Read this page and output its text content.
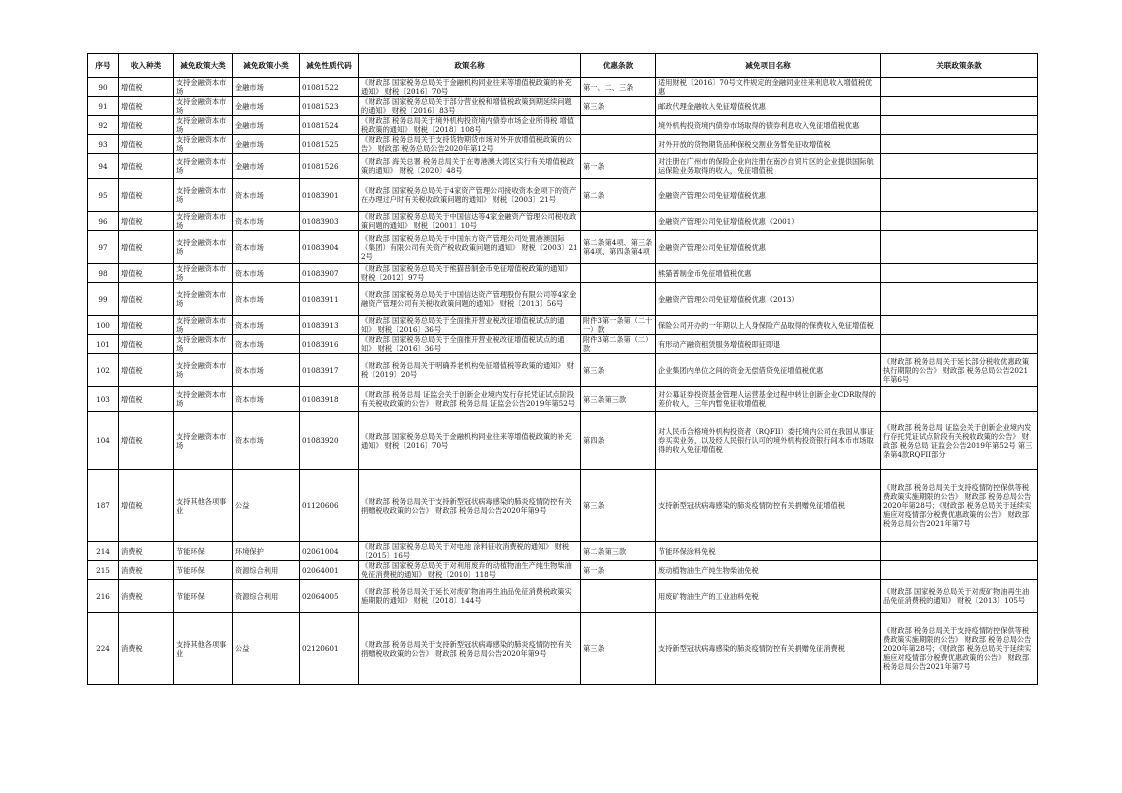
序号	收入种类	减免政策大类	减免政策小类	减免性质代码	政策名称	优惠条款	减免项目名称	关联政策条款
90	增值税	支持金融资本市场	金融市场	01081522	《财政部 国家税务总局关于金融机构同业往来等增值税政策的补充通知》 财税〔2016〕70号	第一、二、三条	适用财税〔2016〕70号文件规定的金融同业往来利息收入增值税优惠	
91	增值税	支持金融资本市场	金融市场	01081523	《财政部 国家税务总局关于部分营业税和增值税政策到期延续问题的通知》 财税〔2016〕83号	第三条	邮政代理金融收入免征增值税优惠	
92	增值税	支持金融资本市场	金融市场	01081524	《财政部 税务总局关于境外机构投资境内债券市场企业所得税 增值税政策的通知》 财税〔2018〕108号		境外机构投资境内债券市场取得的债券利息收入免征增值税优惠	
93	增值税	支持金融资本市场	金融市场	01081525	《财政部 税务总局关于支持货物期货市场对外开放增值税政策的公告》 财政部 税务总局公告2020年第12号		对外开放的货物期货品种保税交割业务暂免征收增值税	
94	增值税	支持金融资本市场	金融市场	01081526	《财政部 海关总署 税务总局关于在粤港澳大湾区实行有关增值税政策的通知》 财税〔2020〕48号	第一条	对注册在广州市的保险企业向注册在南沙自贸片区的企业提供国际航运保险业务取得的收入，免征增值税	
95	增值税	支持金融资本市场	资本市场	01083901	《财政部 国家税务总局关于4家资产管理公司接收资本金项下的资产在办理过户时有关税收政策问题的通知》 财税〔2003〕21号	第二条	金融资产管理公司免征增值税优惠	
96	增值税	支持金融资本市场	资本市场	01083903	《财政部 国家税务总局关于中国信达等4家金融资产管理公司税收政策问题的通知》 财税〔2001〕10号		金融资产管理公司免征增值税优惠（2001）	
97	增值税	支持金融资本市场	资本市场	01083904	《财政部 国家税务总局关于中国东方资产管理公司处置港澳国际（集团）有限公司有关资产税收政策问题的通知》 财税〔2003〕212号	第二条第4项、第三条第4项、第四条第4项	金融资产管理公司免征增值税优惠	
98	增值税	支持金融资本市场	资本市场	01083907	《财政部 国家税务总局关于熊猫普制金币免征增值税政策的通知》 财税〔2012〕97号		熊猫普制金币免征增值税优惠	
99	增值税	支持金融资本市场	资本市场	01083911	《财政部 国家税务总局关于中国信达资产管理股份有限公司等4家金融资产管理公司有关税收政策问题的通知》 财税〔2013〕56号		金融资产管理公司免征增值税优惠（2013）	
100	增值税	支持金融资本市场	资本市场	01083913	《财政部 国家税务总局关于全面推开营业税改征增值税试点的通知》 财税〔2016〕36号	附件3第一条第（二十一）款	保险公司开办的一年期以上人身保险产品取得的保费收入免征增值税	
101	增值税	支持金融资本市场	资本市场	01083916	《财政部 国家税务总局关于全面推开营业税改征增值税试点的通知》 财税〔2016〕36号	附件3第二条第（二）款	有形动产融资租赁服务增值税即征即退	
102	增值税	支持金融资本市场	资本市场	01083917	《财政部 税务总局关于明确养老机构免征增值税等政策的通知》 财税〔2019〕20号	第三条	企业集团内单位之间的资金无偿借贷免征增值税优惠	《财政部 税务总局关于延长部分税收优惠政策执行期限的公告》 财政部 税务总局公告2021年第6号
103	增值税	支持金融资本市场	资本市场	01083918	《财政部 税务总局 证监会关于创新企业境内发行存托凭证试点阶段有关税收政策的公告》 财政部 税务总局 证监会公告2019年第52号	第三条第三款	对公募证券投资基金管理人运营基金过程中转让创新企业CDR取得的差价收入，三年内暂免征收增值税	
104	增值税	支持金融资本市场	资本市场	01083920	《财政部 国家税务总局关于金融机构同业往来等增值税政策的补充通知》 财税〔2016〕70号	第四条	对人民币合格境外机构投资者（RQFII）委托境内公司在我国从事证券买卖业务，以及经人民银行认可的境外机构投资银行间本币市场取得的收入免征增值税	《财政部 税务总局 证监会关于创新企业境内发行存托凭证试点阶段有关税收政策的公告》 财政部 税务总局 证监会公告2019年第52号 第三条第4款RQFII部分
187	增值税	支持其他各项事业	公益	01120606	《财政部 税务总局关于支持新型冠状病毒感染的肺炎疫情防控有关捐赠税收政策的公告》 财政部 税务总局公告2020年第9号	第三条	支持新型冠状病毒感染的肺炎疫情防控有关捐赠免征增值税	《财政部 税务总局关于支持疫情防控保供等税费政策实施期限的公告》 财政部 税务总局公告2020年第28号；《财政部 税务总局关于延续实施应对疫情部分税费优惠政策的公告》 财政部 税务总局公告2021年第7号
214	消费税	节能环保	环境保护	02061004	《财政部 国家税务总局关于对电池 涂料征收消费税的通知》 财税〔2015〕16号	第二条第三款	节能环保涂料免税	
215	消费税	节能环保	资源综合利用	02064001	《财政部 国家税务总局关于对利用废弃的动植物油生产纯生物柴油免征消费税的通知》 财税〔2010〕118号	第一条	废动植物油生产纯生物柴油免税	
216	消费税	节能环保	资源综合利用	02064005	《财政部 税务总局关于延长对废矿物油再生油品免征消费税政策实施期限的通知》 财税〔2018〕144号		用废矿物油生产的工业油料免税	《财政部 国家税务总局关于对废矿物油再生油品免征消费税的通知》 财税〔2013〕105号
224	消费税	支持其他各项事业	公益	02120601	《财政部 税务总局关于支持新型冠状病毒感染的肺炎疫情防控有关捐赠税收政策的公告》 财政部 税务总局公告2020年第9号	第三条	支持新型冠状病毒感染的肺炎疫情防控有关捐赠免征消费税	《财政部 税务总局关于支持疫情防控保供等税费政策实施期限的公告》 财政部 税务总局公告2020年第28号；《财政部 税务总局关于延续实施应对疫情部分税费优惠政策的公告》 财政部 税务总局公告2021年第7号
